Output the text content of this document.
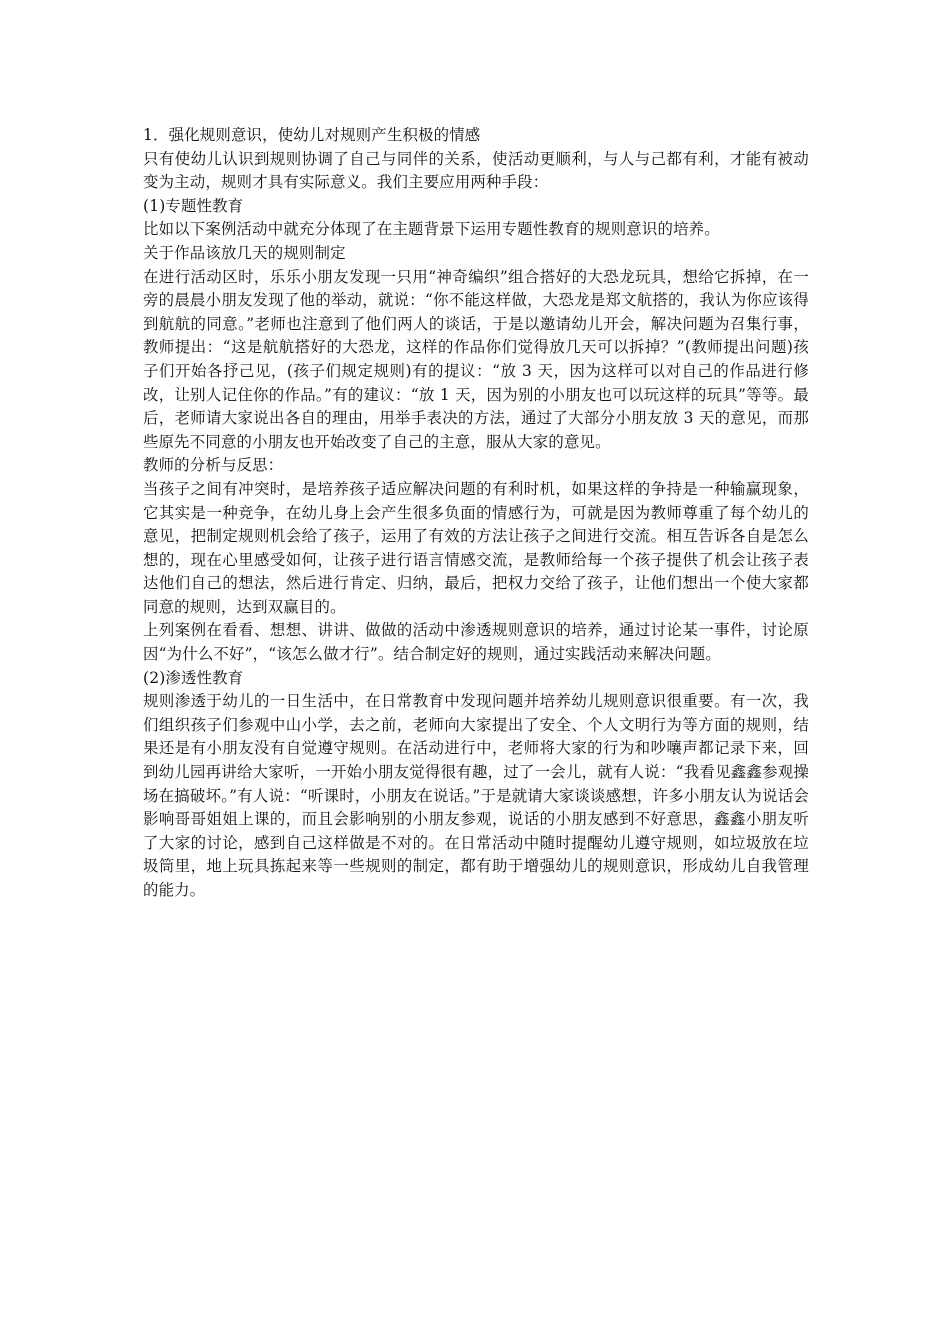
1．强化规则意识，使幼儿对规则产生积极的情感

只有使幼儿认识到规则协调了自己与同伴的关系，使活动更顺利，与人与己都有利，才能有被动变为主动，规则才具有实际意义。我们主要应用两种手段：

(1)专题性教育

比如以下案例活动中就充分体现了在主题背景下运用专题性教育的规则意识的培养。

关于作品该放几天的规则制定

在进行活动区时，乐乐小朋友发现一只用“神奇编织”组合搭好的大恐龙玩具，想给它拆掉，在一旁的晨晨小朋友发现了他的举动，就说：“你不能这样做，大恐龙是郑文航搭的，我认为你应该得到航航的同意。”老师也注意到了他们两人的谈话，于是以邀请幼儿开会，解决问题为召集行事，教师提出：“这是航航搭好的大恐龙，这样的作品你们觉得放几天可以拆掉？”(教师提出问题)孩子们开始各抒己见，(孩子们规定规则)有的提议：“放 3 天，因为这样可以对自己的作品进行修改，让别人记住你的作品。”有的建议：“放 1 天，因为别的小朋友也可以玩这样的玩具”等等。最后，老师请大家说出各自的理由，用举手表决的方法，通过了大部分小朋友放 3 天的意见，而那些原先不同意的小朋友也开始改变了自己的主意，服从大家的意见。

教师的分析与反思：

当孩子之间有冲突时，是培养孩子适应解决问题的有利时机，如果这样的争持是一种输赢现象，它其实是一种竞争，在幼儿身上会产生很多负面的情感行为，可就是因为教师尊重了每个幼儿的意见，把制定规则机会给了孩子，运用了有效的方法让孩子之间进行交流。相互告诉各自是怎么想的，现在心里感受如何，让孩子进行语言情感交流，是教师给每一个孩子提供了机会让孩子表达他们自己的想法，然后进行肯定、归纳，最后，把权力交给了孩子，让他们想出一个使大家都同意的规则，达到双赢目的。

上列案例在看看、想想、讲讲、做做的活动中渗透规则意识的培养，通过讨论某一事件，讨论原因“为什么不好”，“该怎么做才行”。结合制定好的规则，通过实践活动来解决问题。

(2)渗透性教育

规则渗透于幼儿的一日生活中，在日常教育中发现问题并培养幼儿规则意识很重要。有一次，我们组织孩子们参观中山小学，去之前，老师向大家提出了安全、个人文明行为等方面的规则，结果还是有小朋友没有自觉遵守规则。在活动进行中，老师将大家的行为和吵嚷声都记录下来，回到幼儿园再讲给大家听，一开始小朋友觉得很有趣，过了一会儿，就有人说：“我看见鑫鑫参观操场在搞破坏。”有人说：“听课时，小朋友在说话。”于是就请大家谈谈感想，许多小朋友认为说话会影响哥哥姐姐上课的，而且会影响别的小朋友参观，说话的小朋友感到不好意思，鑫鑫小朋友听了大家的讨论，感到自己这样做是不对的。在日常活动中随时提醒幼儿遵守规则，如垃圾放在垃圾筒里，地上玩具拣起来等一些规则的制定，都有助于增强幼儿的规则意识，形成幼儿自我管理的能力。
